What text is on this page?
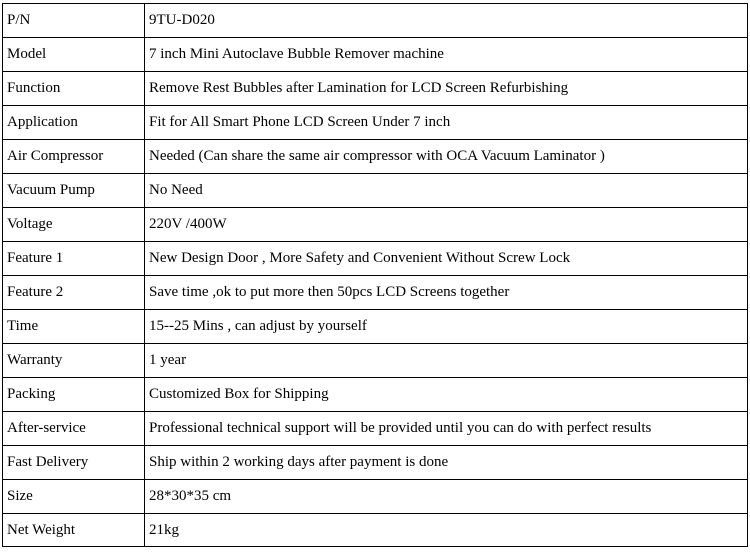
P/N	9TU-D020
Model	7 inch Mini Autoclave Bubble Remover machine
Function	Remove Rest Bubbles after Lamination for LCD Screen Refurbishing
Application	Fit for All Smart Phone LCD Screen Under 7 inch
Air Compressor	Needed (Can share the same air compressor with OCA Vacuum Laminator )
Vacuum Pump	No Need
Voltage	220V /400W
Feature 1	New Design Door , More Safety and Convenient Without Screw Lock
Feature 2	Save time ,ok to put more then 50pcs LCD Screens together
Time	15--25 Mins , can adjust by yourself
Warranty	1 year
Packing	Customized Box for Shipping
After-service	Professional technical support will be provided until you can do with perfect results
Fast Delivery	Ship within 2 working days after payment is done
Size	28*30*35 cm
Net Weight	21kg
